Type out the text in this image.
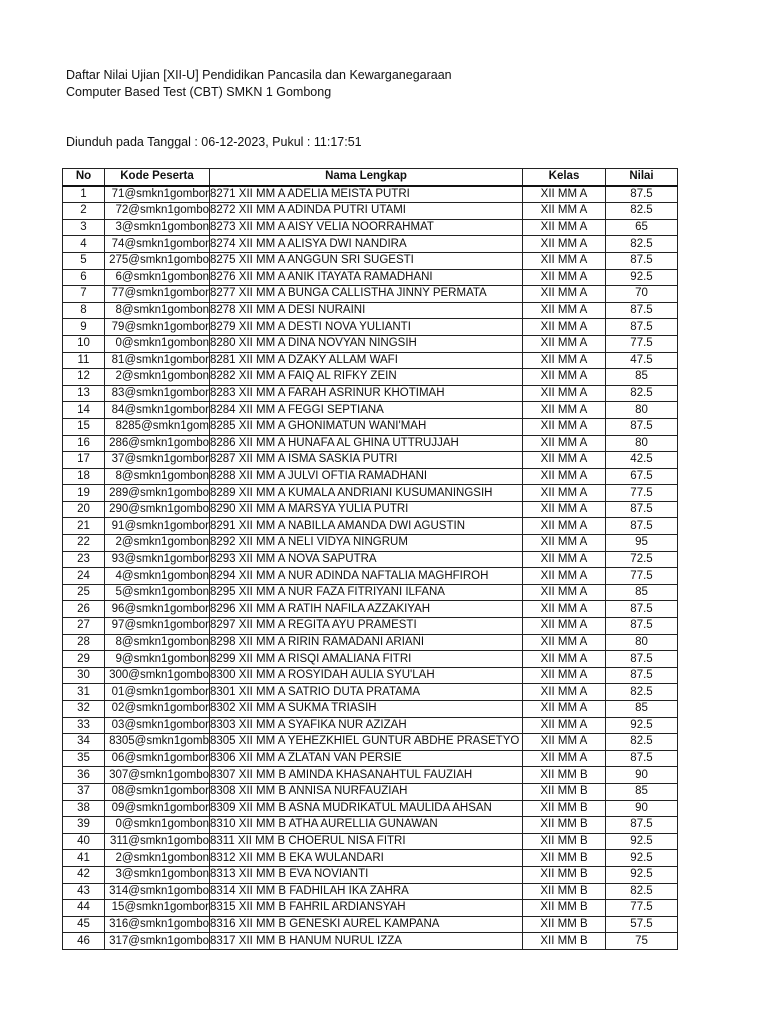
Daftar Nilai Ujian [XII-U] Pendidikan Pancasila dan Kewarganegaraan
Computer Based Test (CBT) SMKN 1 Gombong
Diunduh pada Tanggal : 06-12-2023, Pukul : 11:17:51
No	Kode Peserta	Nama Lengkap	Kelas	Nilai
1	71@smkn1gombor	8271 XII MM A ADELIA MEISTA PUTRI	XII MM A	87.5
2	72@smkn1gombo	8272 XII MM A ADINDA PUTRI UTAMI	XII MM A	82.5
3	3@smkn1gombon	8273 XII MM A AISY VELIA NOORRAHMAT	XII MM A	65
4	74@smkn1gombor	8274 XII MM A ALISYA DWI NANDIRA	XII MM A	82.5
5	275@smkn1gombo	8275 XII MM A ANGGUN SRI SUGESTI	XII MM A	87.5
6	6@smkn1gombon	8276 XII MM A ANIK ITAYATA RAMADHANI	XII MM A	92.5
7	77@smkn1gombor	8277 XII MM A BUNGA CALLISTHA JINNY PERMATA	XII MM A	70
8	8@smkn1gombon	8278 XII MM A DESI NURAINI	XII MM A	87.5
9	79@smkn1gombor	8279 XII MM A DESTI NOVA YULIANTI	XII MM A	87.5
10	0@smkn1gombon	8280 XII MM A DINA NOVYAN NINGSIH	XII MM A	77.5
11	81@smkn1gombor	8281 XII MM A DZAKY ALLAM WAFI	XII MM A	47.5
12	2@smkn1gombon	8282 XII MM A FAIQ AL RIFKY ZEIN	XII MM A	85
13	83@smkn1gombor	8283 XII MM A FARAH ASRINUR KHOTIMAH	XII MM A	82.5
14	84@smkn1gombor	8284 XII MM A FEGGI SEPTIANA	XII MM A	80
15	8285@smkn1gom	8285 XII MM A GHONIMATUN WANI'MAH	XII MM A	87.5
16	286@smkn1gombo	8286 XII MM A HUNAFA AL GHINA UTTRUJJAH	XII MM A	80
17	37@smkn1gombor	8287 XII MM A ISMA SASKIA PUTRI	XII MM A	42.5
18	8@smkn1gombon	8288 XII MM A JULVI OFTIA RAMADHANI	XII MM A	67.5
19	289@smkn1gombo	8289 XII MM A KUMALA ANDRIANI KUSUMANINGSIH	XII MM A	77.5
20	290@smkn1gombo	8290 XII MM A MARSYA YULIA PUTRI	XII MM A	87.5
21	91@smkn1gombor	8291 XII MM A NABILLA AMANDA DWI AGUSTIN	XII MM A	87.5
22	2@smkn1gombon	8292 XII MM A NELI VIDYA NINGRUM	XII MM A	95
23	93@smkn1gombor	8293 XII MM A NOVA SAPUTRA	XII MM A	72.5
24	4@smkn1gombon	8294 XII MM A NUR ADINDA NAFTALIA MAGHFIROH	XII MM A	77.5
25	5@smkn1gombon	8295 XII MM A NUR FAZA FITRIYANI ILFANA	XII MM A	85
26	96@smkn1gombor	8296 XII MM A RATIH NAFILA AZZAKIYAH	XII MM A	87.5
27	97@smkn1gombor	8297 XII MM A REGITA AYU PRAMESTI	XII MM A	87.5
28	8@smkn1gombon	8298 XII MM A RIRIN RAMADANI ARIANI	XII MM A	80
29	9@smkn1gombon	8299 XII MM A RISQI AMALIANA FITRI	XII MM A	87.5
30	300@smkn1gombo	8300 XII MM A ROSYIDAH AULIA SYU'LAH	XII MM A	87.5
31	01@smkn1gombor	8301 XII MM A SATRIO DUTA PRATAMA	XII MM A	82.5
32	02@smkn1gombor	8302 XII MM A SUKMA TRIASIH	XII MM A	85
33	03@smkn1gombor	8303 XII MM A SYAFIKA NUR AZIZAH	XII MM A	92.5
34	8305@smkn1gomb	8305 XII MM A YEHEZKHIEL GUNTUR ABDHE PRASETYO	XII MM A	82.5
35	06@smkn1gombor	8306 XII MM A ZLATAN VAN PERSIE	XII MM A	87.5
36	307@smkn1gombo	8307 XII MM B AMINDA KHASANAHTUL FAUZIAH	XII MM B	90
37	08@smkn1gombor	8308 XII MM B ANNISA NURFAUZIAH	XII MM B	85
38	09@smkn1gombor	8309 XII MM B ASNA MUDRIKATUL MAULIDA AHSAN	XII MM B	90
39	0@smkn1gombon	8310 XII MM B ATHA AURELLIA GUNAWAN	XII MM B	87.5
40	311@smkn1gombo	8311 XII MM B CHOERUL NISA FITRI	XII MM B	92.5
41	2@smkn1gombon	8312 XII MM B EKA WULANDARI	XII MM B	92.5
42	3@smkn1gombon	8313 XII MM B EVA NOVIANTI	XII MM B	92.5
43	314@smkn1gombo	8314 XII MM B FADHILAH IKA ZAHRA	XII MM B	82.5
44	15@smkn1gombor	8315 XII MM B FAHRIL ARDIANSYAH	XII MM B	77.5
45	316@smkn1gombo	8316 XII MM B GENESKI AUREL KAMPANA	XII MM B	57.5
46	317@smkn1gombo	8317 XII MM B HANUM NURUL IZZA	XII MM B	75
